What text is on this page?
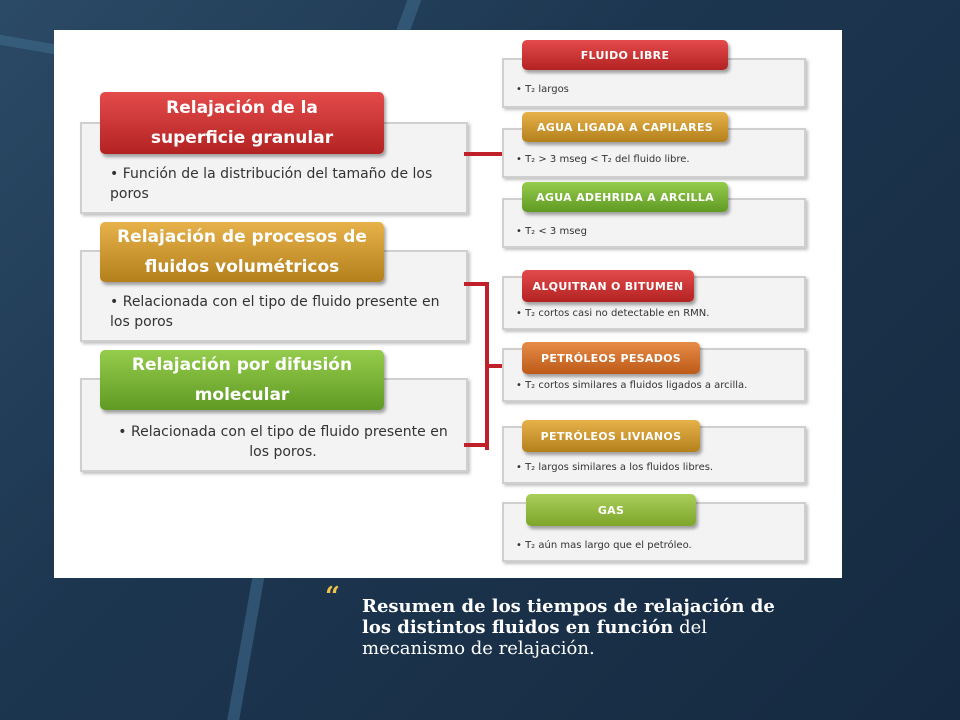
• Función de la distribución del tamaño de los poros
Relajación de la
superficie granular
• Relacionada con el tipo de fluido presente en los poros
Relajación de procesos de
fluidos volumétricos
• Relacionada con el tipo de fluido presente en los poros.
Relajación por difusión
molecular
• T₂ largos
FLUIDO LIBRE
• T₂ > 3 mseg < T₂ del fluido libre.
AGUA LIGADA A CAPILARES
• T₂ < 3 mseg
AGUA ADEHRIDA A ARCILLA
• T₂ cortos casi no detectable en RMN.
ALQUITRAN O BITUMEN
• T₂ cortos similares a fluidos ligados a arcilla.
PETRÓLEOS PESADOS
• T₂ largos similares a los fluidos libres.
PETRÓLEOS LIVIANOS
• T₂ aún mas largo que el petróleo.
GAS
“ Resumen de los tiempos de relajación de los distintos fluidos en función del mecanismo de relajación.
